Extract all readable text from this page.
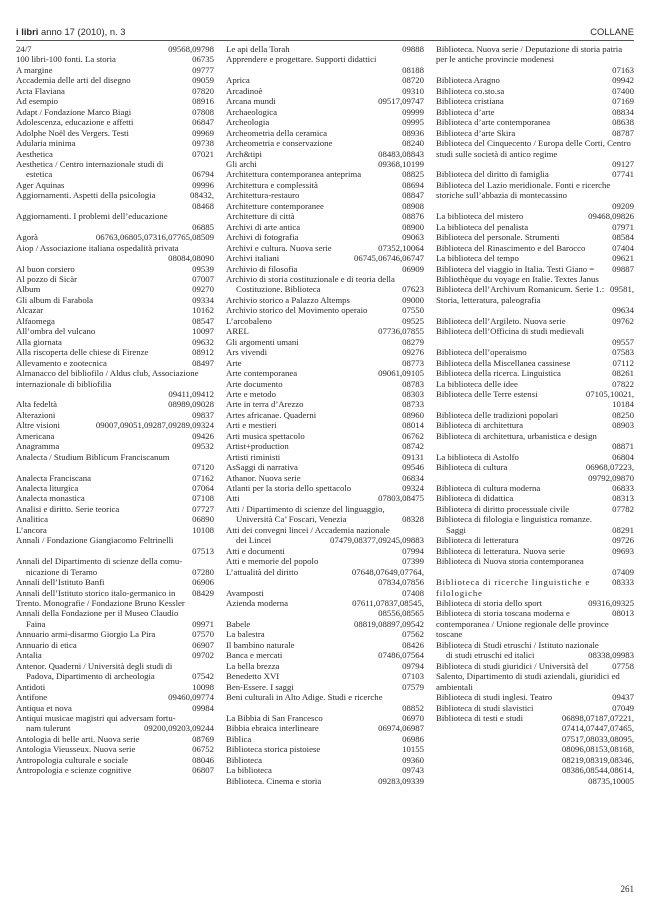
i libri anno 17 (2010), n. 3	COLLANE
09568,09798
24/7
06735
100 libri-100 fonti. La storia
09777
A margine
09059
Accademia delle arti del disegno
07820
Acta Flaviana
08916
Ad esempio
07808
Adapt / Fondazione Marco Biagi
06847
Adolescenza, educazione e affetti
09969
Adolphe Noël des Vergers. Testi
09738
Adularia minima
07021
Aesthetica
Aesthetica / Centro internazionale studi di
06794
estetica
09996
Ager Aquinas
08432,
Aggiornamenti. Aspetti della psicologia
08468
Aggiornamenti. I problemi dell’educazione
06885
06763,06805,07316,07765,08509
Agorà
Aiop / Associazione italiana ospedalità privata
08084,08090
09539
Al buon corsiero
07007
Al pozzo di Sicàr
09270
Album
09334
Gli album di Farabola
10162
Alcazar
08547
Alfaomega
10097
All’ombra del vulcano
09632
Alla giornata
08912
Alla riscoperta delle chiese di Firenze
08497
Allevamento e zootecnica
Almanacco del bibliofilo / Aldus club, Associazione internazionale di bibliofilia
09411,09412
08989,09028
Alta fedeltà
09837
Alterazioni
09007,09051,09287,09289,09324
Altre visioni
09426
Americana
09532
Anagramma
Analecta / Studium Biblicum Franciscanum
07120
07162
Analecta Franciscana
07064
Analecta liturgica
07108
Analecta monastica
07727
Analisi e diritto. Serie teorica
06890
Analitica
10108
L’ancora
Annali / Fondazione Giangiacomo Feltrinelli
07513
Annali del Dipartimento di scienze della comu-
07280
nicazione di Teramo
06906
Annali dell’Istituto Banfi
08429
Annali dell’Istituto storico italo-germanico in Trento. Monografie / Fondazione Bruno Kessler
Annali della Fondazione per il Museo Claudio
09971
Faina
07570
Annuario armi-disarmo Giorgio La Pira
06907
Annuario di etica
09702
Antalia
Antenor. Quaderni / Università degli studi di
07542
Padova, Dipartimento di archeologia
10098
Antidoti
09460,09774
Antifone
09984
Antiqua et nova
Antiqui musicae magistri qui adversam fortu-
09200,09203,09244
nam tulerunt
08769
Antologia di belle arti. Nuova serie
06752
Antologia Vieusseux. Nuova serie
08046
Antropologia culturale e sociale
06807
Antropologia e scienze cognitive
09888
Le api della Torah
Apprendere e progettare. Supporti didattici
08188
08720
Aprica
09310
Arcadinoè
09517,09747
Arcana mundi
09999
Archaeologica
09995
Archeologia
08936
Archeometria della ceramica
08240
Archeometria e conservazione
08483,08843
Arch&tipi
09368,10199
Gli archi
08825
Architettura contemporanea anteprima
08694
Architettura e complessità
08847
Architettura-restauro
08908
Architetture contemporanee
08876
Architetture di città
08900
Archivi di arte antica
09063
Archivi di fotografia
07352,10064
Archivi e cultura. Nuova serie
06745,06746,06747
Archivi italiani
06909
Archivio di filosofia
Archivio di storia costituzionale e di teoria della
07623
Costituzione. Biblioteca
09000
Archivio storico a Palazzo Altemps
07550
Archivio storico del Movimento operaio
09525
L’arcobaleno
07736,07855
AREL
08279
Gli argomenti umani
09276
Ars vivendi
08773
Arte
09061,09105
Arte contemporanea
08783
Arte documento
08303
Arte e metodo
08733
Arte in terra d’Arezzo
08960
Artes africanae. Quaderni
08014
Arti e mestieri
06762
Arti musica spettacolo
08742
Artist+production
09131
Artisti riministi
09546
AsSaggi di narrativa
06834
Athanor. Nuova serie
09324
Atlanti per la storia dello spettacolo
07803,08475
Atti
Atti / Dipartimento di scienze del linguaggio,
08328
Università Ca’ Foscari, Venezia
Atti dei convegni lincei / Accademia nazionale
07479,08377,09245,09883
dei Lincei
07994
Atti e documenti
07399
Atti e memorie del popolo
07648,07649,07764,
L’attualità del diritto
07834,07856
07408
Avamposti
07611,07837,08545,
Azienda moderna
08556,08565
08819,08897,09542
Babele
07562
La balestra
08426
Il bambino naturale
07486,07564
Banca e mercati
09794
La bella brezza
07103
Benedetto XVI
07579
Ben-Essere. I saggi
Beni culturali in Alto Adige. Studi e ricerche
08852
06970
La Bibbia di San Francesco
06974,06987
Bibbia ebraica interlineare
06986
Biblica
10155
Biblioteca storica pistoiese
09360
Biblioteca
09743
La biblioteca
09283,09339
Biblioteca. Cinema e storia
Biblioteca. Nuova serie / Deputazione di storia patria per le antiche provincie modenesi
07163
09942
Biblioteca Aragno
07400
Biblioteca co.sto.sa
07169
Biblioteca cristiana
08834
Biblioteca d’arte
08638
Biblioteca d’arte contemporanea
08787
Biblioteca d’arte Skira
Biblioteca del Cinquecento / Europa delle Corti, Centro studi sulle società di antico regime
09127
07741
Biblioteca del diritto di famiglia
Biblioteca del Lazio meridionale. Fonti e ricerche storiche sull’abbazia di montecassino
09209
09468,09826
La biblioteca del mistero
07971
La biblioteca del penalista
08584
Biblioteca del personale. Strumenti
07404
Biblioteca del Rinascimento e del Barocco
09621
La biblioteca del tempo
09887
Biblioteca del viaggio in Italia. Testi Giano = Bibliothèque du voyage en Italie. Textes Janus
09581,
Biblioteca dell’Archivum Romanicum. Serie 1.: Storia, letteratura, paleografia
09634
09762
Biblioteca dell’Argileto. Nuova serie
Biblioteca dell’Officina di studi medievali
09557
07583
Biblioteca dell’operaismo
07112
Biblioteca della Miscellanea cassinese
08261
Biblioteca della ricerca. Linguistica
07822
La biblioteca delle idee
07105,10021,
Biblioteca delle Terre estensi
10184
08250
Biblioteca delle tradizioni popolari
08903
Biblioteca di architettura
Biblioteca di architettura, urbanistica e design
08871
06804
La biblioteca di Astolfo
06968,07223,
Biblioteca di cultura
09792,09870
06833
Biblioteca di cultura moderna
08313
Biblioteca di didattica
07782
Biblioteca di diritto processuale civile
Biblioteca di filologia e linguistica romanze.
08291
Saggi
09726
Biblioteca di letteratura
09693
Biblioteca di letteratura. Nuova serie
Biblioteca di Nuova storia contemporanea
07409
08333
Biblioteca di ricerche linguistiche e filologiche
09316,09325
Biblioteca di storia dello sport
08013
Biblioteca di storia toscana moderna e contemporanea / Unione regionale delle province toscane
Biblioteca di Studi etruschi / Istituto nazionale
08338,09983
di studi etruschi ed italici
07758
Biblioteca di studi giuridici / Università del Salento, Dipartimento di studi aziendali, giuridici ed ambientali
09437
Biblioteca di studi inglesi. Teatro
07049
Biblioteca di studi slavistici
06898,07187,07221,
Biblioteca di testi e studi
07414,07447,07465,
07517,08033,08095,
08096,08153,08168,
08219,08319,08346,
08386,08544,08614,
08735,10005
261
